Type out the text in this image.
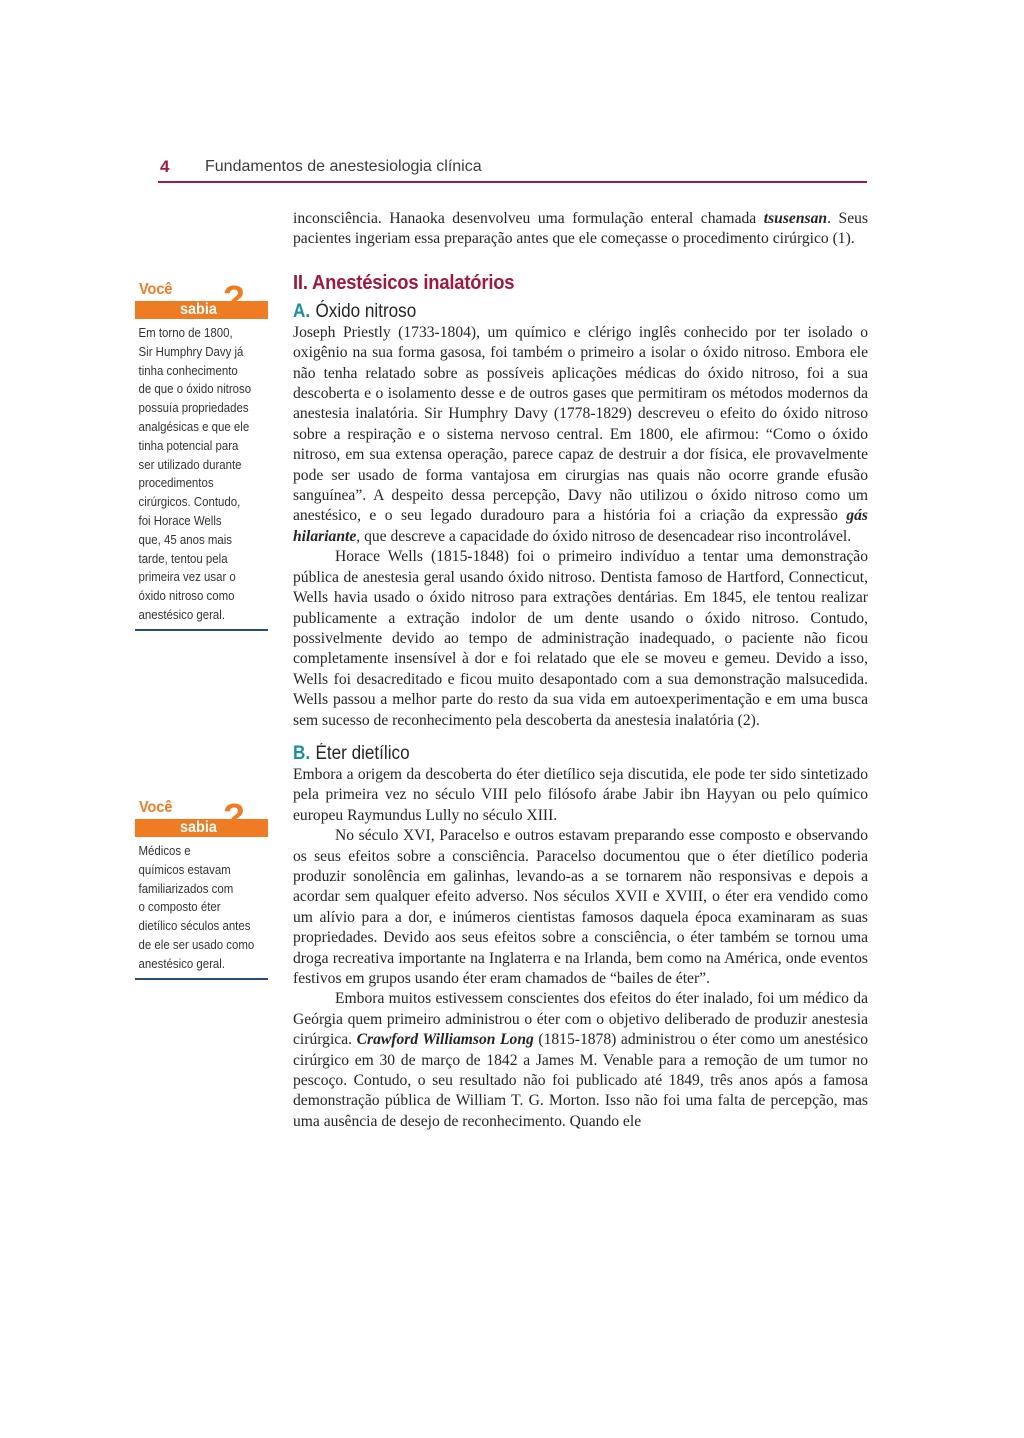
4 Fundamentos de anestesiologia clínica
Você
sabia ?
Em torno de 1800,
Sir Humphry Davy já
tinha conhecimento
de que o óxido nitroso
possuía propriedades
analgésicas e que ele
tinha potencial para
ser utilizado durante
procedimentos
cirúrgicos. Contudo,
foi Horace Wells
que, 45 anos mais
tarde, tentou pela
primeira vez usar o
óxido nitroso como
anestésico geral.
Você
sabia ?
Médicos e
químicos estavam
familiarizados com
o composto éter
dietílico séculos antes
de ele ser usado como
anestésico geral.

inconsciência. Hanaoka desenvolveu uma formulação enteral chamada tsusensan. Seus pacientes ingeriam essa preparação antes que ele começasse o procedimento cirúrgico (1).

II. Anestésicos inalatórios
A. Óxido nitroso

Joseph Priestly (1733-1804), um químico e clérigo inglês conhecido por ter isolado o oxigênio na sua forma gasosa, foi também o primeiro a isolar o óxido nitroso. Embora ele não tenha relatado sobre as possíveis aplicações médicas do óxido nitroso, foi a sua descoberta e o isolamento desse e de outros gases que permitiram os métodos modernos da anestesia inalatória. Sir Humphry Davy (1778-1829) descreveu o efeito do óxido nitroso sobre a respiração e o sistema nervoso central. Em 1800, ele afirmou: “Como o óxido nitroso, em sua extensa operação, parece capaz de destruir a dor física, ele provavelmente pode ser usado de forma vantajosa em cirurgias nas quais não ocorre grande efusão sanguínea”. A despeito dessa percepção, Davy não utilizou o óxido nitroso como um anestésico, e o seu legado duradouro para a história foi a criação da expressão gás hilariante, que descreve a capacidade do óxido nitroso de desencadear riso incontrolável.

Horace Wells (1815-1848) foi o primeiro indivíduo a tentar uma demonstração pública de anestesia geral usando óxido nitroso. Dentista famoso de Hartford, Connecticut, Wells havia usado o óxido nitroso para extrações dentárias. Em 1845, ele tentou realizar publicamente a extração indolor de um dente usando o óxido nitroso. Contudo, possivelmente devido ao tempo de administração inadequado, o paciente não ficou completamente insensível à dor e foi relatado que ele se moveu e gemeu. Devido a isso, Wells foi desacreditado e ficou muito desapontado com a sua demonstração malsucedida. Wells passou a melhor parte do resto da sua vida em autoexperimentação e em uma busca sem sucesso de reconhecimento pela descoberta da anestesia inalatória (2).

B. Éter dietílico

Embora a origem da descoberta do éter dietílico seja discutida, ele pode ter sido sintetizado pela primeira vez no século VIII pelo filósofo árabe Jabir ibn Hayyan ou pelo químico europeu Raymundus Lully no século XIII.

No século XVI, Paracelso e outros estavam preparando esse composto e observando os seus efeitos sobre a consciência. Paracelso documentou que o éter dietílico poderia produzir sonolência em galinhas, levando-as a se tornarem não responsivas e depois a acordar sem qualquer efeito adverso. Nos séculos XVII e XVIII, o éter era vendido como um alívio para a dor, e inúmeros cientistas famosos daquela época examinaram as suas propriedades. Devido aos seus efeitos sobre a consciência, o éter também se tornou uma droga recreativa importante na Inglaterra e na Irlanda, bem como na América, onde eventos festivos em grupos usando éter eram chamados de “bailes de éter”.

Embora muitos estivessem conscientes dos efeitos do éter inalado, foi um médico da Geórgia quem primeiro administrou o éter com o objetivo deliberado de produzir anestesia cirúrgica. Crawford Williamson Long (1815-1878) administrou o éter como um anestésico cirúrgico em 30 de março de 1842 a James M. Venable para a remoção de um tumor no pescoço. Contudo, o seu resultado não foi publicado até 1849, três anos após a famosa demonstração pública de William T. G. Morton. Isso não foi uma falta de percepção, mas uma ausência de desejo de reconhecimento. Quando ele
